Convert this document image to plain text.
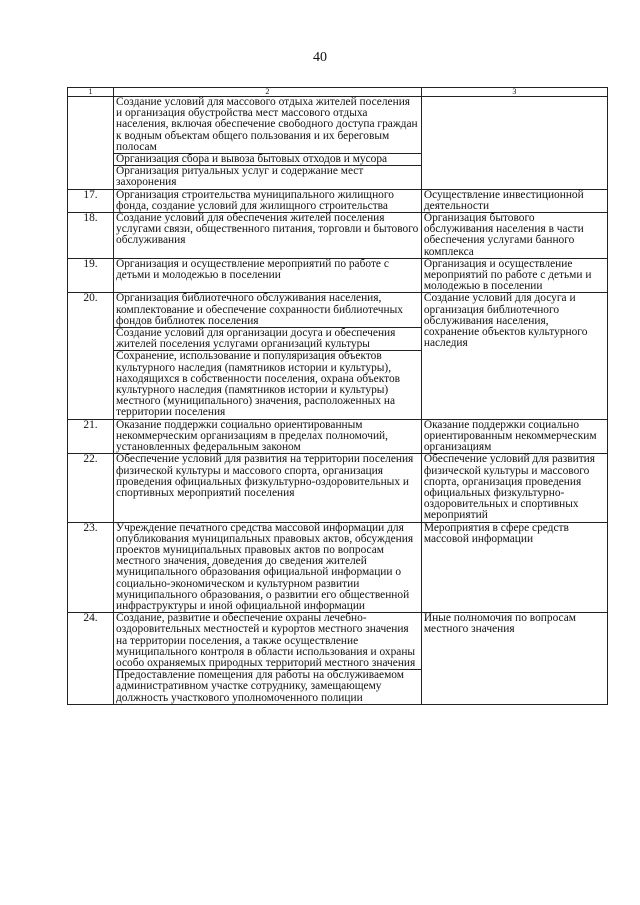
40
1	2	3

	Создание условий для массового отдыха жителей поселения и организация обустройства мест массового отдыха населения, включая обеспечение свободного доступа граждан к водным объектам общего пользования и их береговым полосам
Организация сбора и вывоза бытовых отходов и мусора
Организация ритуальных услуг и содержание мест захоронения	

17.	Организация строительства муниципального жилищного фонда, создание условий для жилищного строительства	Осуществление инвестиционной деятельности
18.	Создание условий для обеспечения жителей поселения услугами связи, общественного питания, торговли и бытового обслуживания	Организация бытового обслуживания населения в части обеспечения услугами банного комплекса
19.	Организация и осуществление мероприятий по работе с детьми и молодежью в поселении	Организация и осуществление мероприятий по работе с детьми и молодежью в поселении
20.	Организация библиотечного обслуживания населения, комплектование и обеспечение сохранности библиотечных фондов библиотек поселения
Создание условий для организации досуга и обеспечения жителей поселения услугами организаций культуры
Сохранение, использование и популяризация объектов культурного наследия (памятников истории и культуры), находящихся в собственности поселения, охрана объектов культурного наследия (памятников истории и культуры) местного (муниципального) значения, расположенных на территории поселения	Создание условий для досуга и организация библиотечного обслуживания населения, сохранение объектов культурного наследия
21.	Оказание поддержки социально ориентированным некоммерческим организациям в пределах полномочий, установленных федеральным законом	Оказание поддержки социально ориентированным некоммерческим организациям
22.	Обеспечение условий для развития на территории поселения физической культуры и массового спорта, организация проведения официальных физкультурно-оздоровительных и спортивных мероприятий поселения	Обеспечение условий для развития физической культуры и массового спорта, организация проведения официальных физкультурно-оздоровительных и спортивных мероприятий
23.	Учреждение печатного средства массовой информации для опубликования муниципальных правовых актов, обсуждения проектов муниципальных правовых актов по вопросам местного значения, доведения до сведения жителей муниципального образования официальной информации о социально-экономическом и культурном развитии муниципального образования, о развитии его общественной инфраструктуры и иной официальной информации	Мероприятия в сфере средств массовой информации
24.	Создание, развитие и обеспечение охраны лечебно-оздоровительных местностей и курортов местного значения на территории поселения, а также осуществление муниципального контроля в области использования и охраны особо охраняемых природных территорий местного значения
Предоставление помещения для работы на обслуживаемом административном участке сотруднику, замещающему должность участкового уполномоченного полиции	Иные полномочия по вопросам местного значения
